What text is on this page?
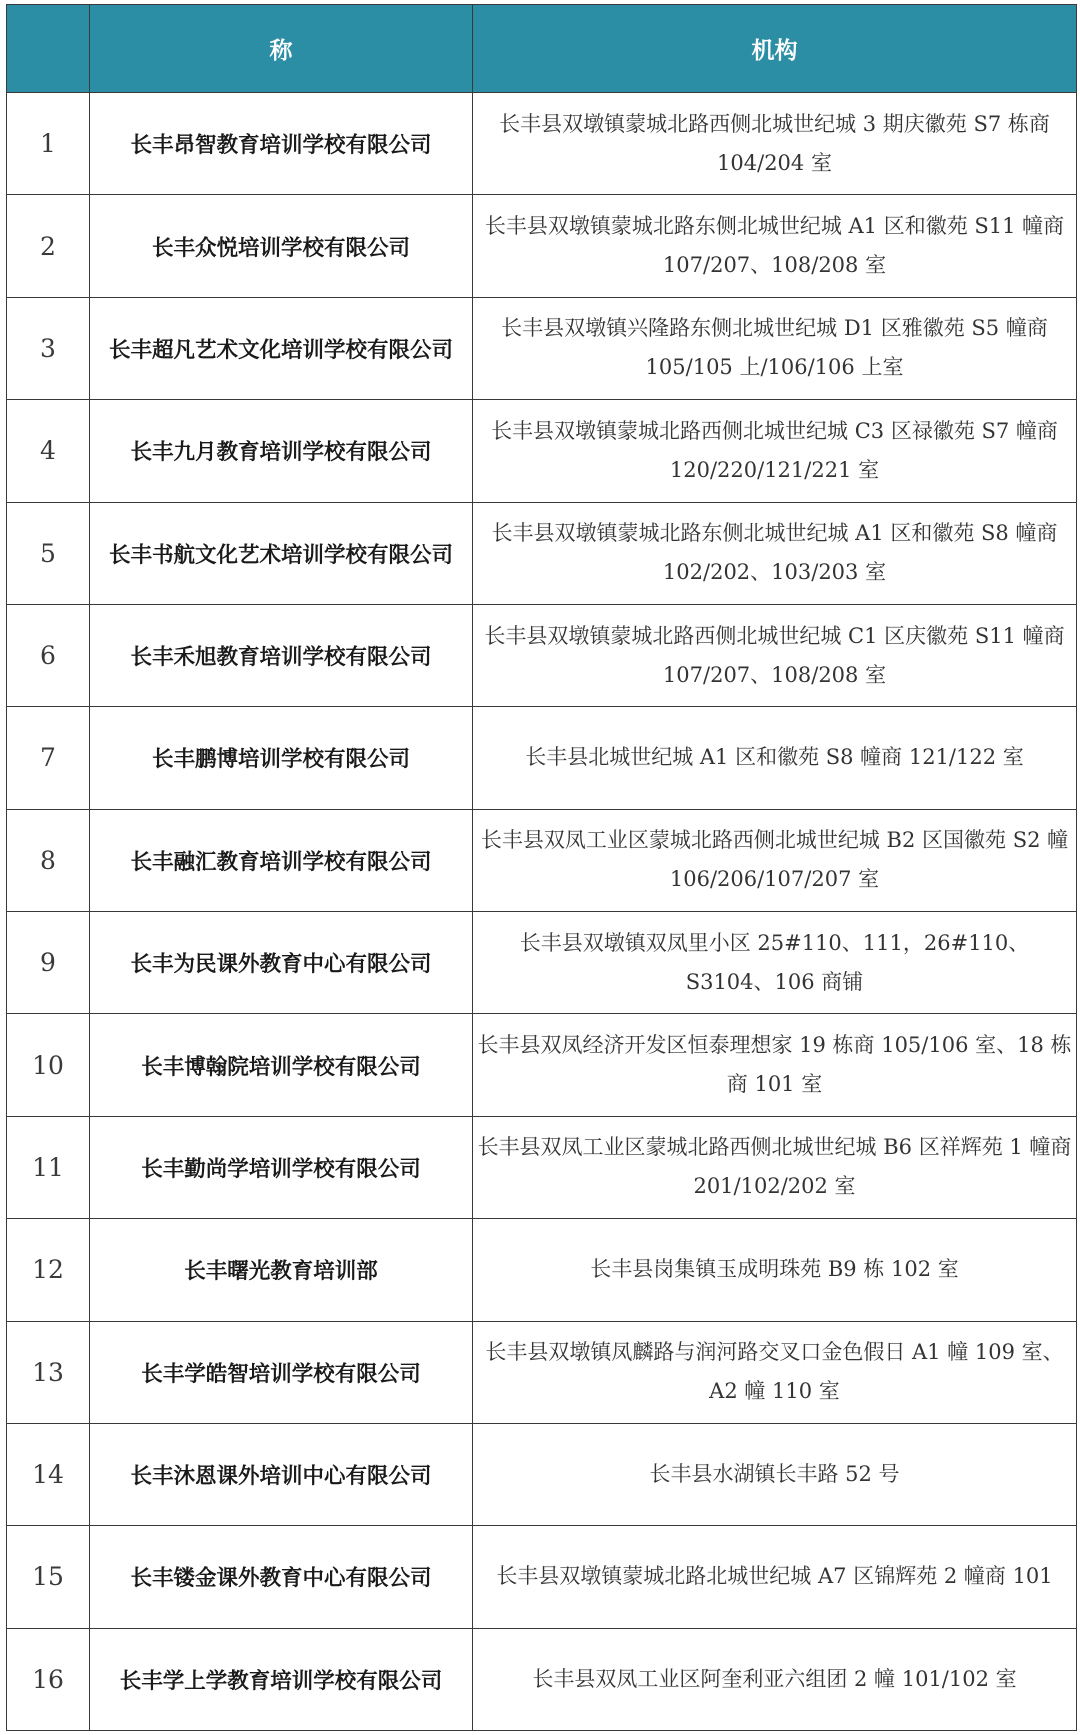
	称	机构
1	长丰昂智教育培训学校有限公司	长丰县双墩镇蒙城北路西侧北城世纪城 3 期庆徽苑 S7 栋商 104/204 室
2	长丰众悦培训学校有限公司	长丰县双墩镇蒙城北路东侧北城世纪城 A1 区和徽苑 S11 幢商 107/207、108/208 室
3	长丰超凡艺术文化培训学校有限公司	长丰县双墩镇兴隆路东侧北城世纪城 D1 区雅徽苑 S5 幢商 105/105 上/106/106 上室
4	长丰九月教育培训学校有限公司	长丰县双墩镇蒙城北路西侧北城世纪城 C3 区禄徽苑 S7 幢商 120/220/121/221 室
5	长丰书航文化艺术培训学校有限公司	长丰县双墩镇蒙城北路东侧北城世纪城 A1 区和徽苑 S8 幢商 102/202、103/203 室
6	长丰禾旭教育培训学校有限公司	长丰县双墩镇蒙城北路西侧北城世纪城 C1 区庆徽苑 S11 幢商 107/207、108/208 室
7	长丰鹏博培训学校有限公司	长丰县北城世纪城 A1 区和徽苑 S8 幢商 121/122 室
8	长丰融汇教育培训学校有限公司	长丰县双凤工业区蒙城北路西侧北城世纪城 B2 区国徽苑 S2 幢 106/206/107/207 室
9	长丰为民课外教育中心有限公司	长丰县双墩镇双凤里小区 25#110、111，26#110、S3104、106 商铺
10	长丰博翰院培训学校有限公司	长丰县双凤经济开发区恒泰理想家 19 栋商 105/106 室、18 栋商 101 室
11	长丰勤尚学培训学校有限公司	长丰县双凤工业区蒙城北路西侧北城世纪城 B6 区祥辉苑 1 幢商 201/102/202 室
12	长丰曙光教育培训部	长丰县岗集镇玉成明珠苑 B9 栋 102 室
13	长丰学皓智培训学校有限公司	长丰县双墩镇凤麟路与润河路交叉口金色假日 A1 幢 109 室、A2 幢 110 室
14	长丰沐恩课外培训中心有限公司	长丰县水湖镇长丰路 52 号
15	长丰镂金课外教育中心有限公司	长丰县双墩镇蒙城北路北城世纪城 A7 区锦辉苑 2 幢商 101
16	长丰学上学教育培训学校有限公司	长丰县双凤工业区阿奎利亚六组团 2 幢 101/102 室
